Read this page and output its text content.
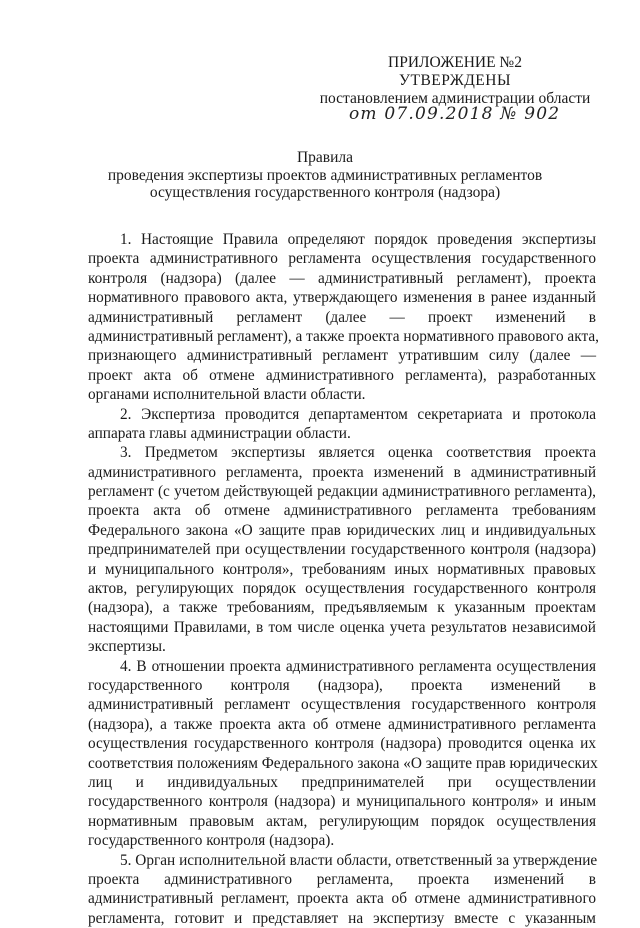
ПРИЛОЖЕНИЕ №2
УТВЕРЖДЕНЫ
постановлением администрации области
от 07.09.2018 № 902
Правила
проведения экспертизы проектов административных регламентов
осуществления государственного контроля (надзора)
1. Настоящие Правила определяют порядок проведения экспертизы
проекта административного регламента осуществления государственного
контроля (надзора) (далее — административный регламент), проекта
нормативного правового акта, утверждающего изменения в ранее изданный
административный регламент (далее — проект изменений в
административный регламент), а также проекта нормативного правового акта,
признающего административный регламент утратившим силу (далее —
проект акта об отмене административного регламента), разработанных
органами исполнительной власти области.
2. Экспертиза проводится департаментом секретариата и протокола
аппарата главы администрации области.
3. Предметом экспертизы является оценка соответствия проекта
административного регламента, проекта изменений в административный
регламент (с учетом действующей редакции административного регламента),
проекта акта об отмене административного регламента требованиям
Федерального закона «О защите прав юридических лиц и индивидуальных
предпринимателей при осуществлении государственного контроля (надзора)
и муниципального контроля», требованиям иных нормативных правовых
актов, регулирующих порядок осуществления государственного контроля
(надзора), а также требованиям, предъявляемым к указанным проектам
настоящими Правилами, в том числе оценка учета результатов независимой
экспертизы.
4. В отношении проекта административного регламента осуществления
государственного контроля (надзора), проекта изменений в
административный регламент осуществления государственного контроля
(надзора), а также проекта акта об отмене административного регламента
осуществления государственного контроля (надзора) проводится оценка их
соответствия положениям Федерального закона «О защите прав юридических
лиц и индивидуальных предпринимателей при осуществлении
государственного контроля (надзора) и муниципального контроля» и иным
нормативным правовым актам, регулирующим порядок осуществления
государственного контроля (надзора).
5. Орган исполнительной власти области, ответственный за утверждение
проекта административного регламента, проекта изменений в
административный регламент, проекта акта об отмене административного
регламента, готовит и представляет на экспертизу вместе с указанным
